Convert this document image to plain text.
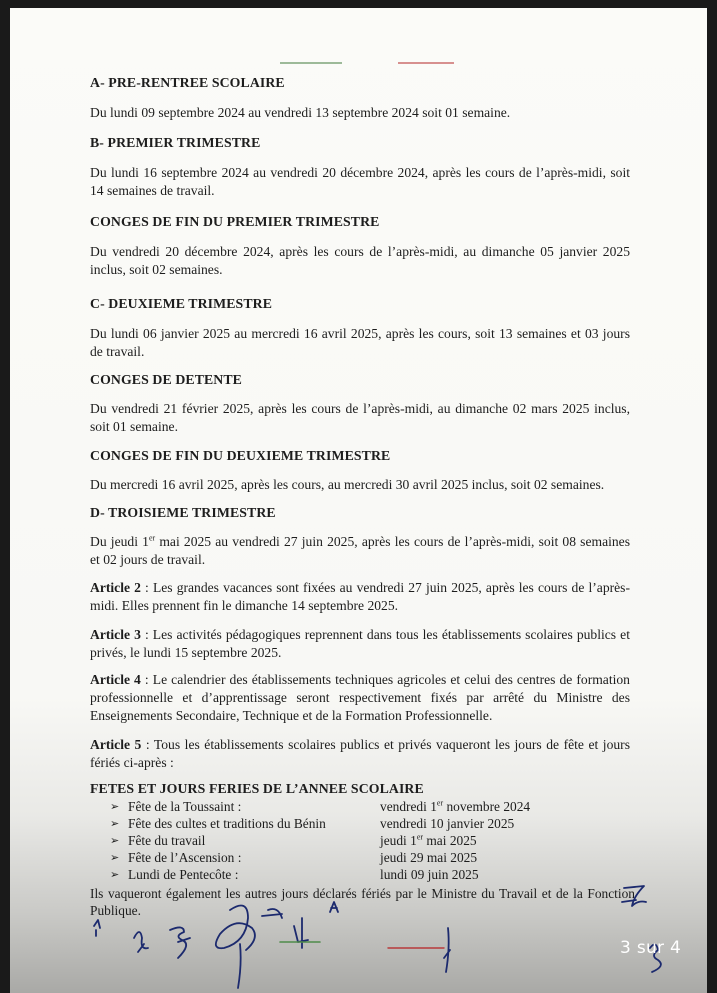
A- PRE-RENTREE SCOLAIRE

Du lundi 09 septembre 2024 au vendredi 13 septembre 2024 soit 01 semaine.

B- PREMIER TRIMESTRE

Du lundi 16 septembre 2024 au vendredi 20 décembre 2024, après les cours de l’après-midi, soit 14 semaines de travail.

CONGES DE FIN DU PREMIER TRIMESTRE

Du vendredi 20 décembre 2024, après les cours de l’après-midi, au dimanche 05 janvier 2025 inclus, soit 02 semaines.

C- DEUXIEME TRIMESTRE

Du lundi 06 janvier 2025 au mercredi 16 avril 2025, après les cours, soit 13 semaines et 03 jours de travail.

CONGES DE DETENTE

Du vendredi 21 février 2025, après les cours de l’après-midi, au dimanche 02 mars 2025 inclus, soit 01 semaine.

CONGES DE FIN DU DEUXIEME TRIMESTRE

Du mercredi 16 avril 2025, après les cours, au mercredi 30 avril 2025 inclus, soit 02 semaines.

D- TROISIEME TRIMESTRE

Du jeudi 1er mai 2025 au vendredi 27 juin 2025, après les cours de l’après-midi, soit 08 semaines et 02 jours de travail.

Article 2 : Les grandes vacances sont fixées au vendredi 27 juin 2025, après les cours de l’après-midi. Elles prennent fin le dimanche 14 septembre 2025.

Article 3 : Les activités pédagogiques reprennent dans tous les établissements scolaires publics et privés, le lundi 15 septembre 2025.

Article 4 : Le calendrier des établissements techniques agricoles et celui des centres de formation professionnelle et d’apprentissage seront respectivement fixés par arrêté du Ministre des Enseignements Secondaire, Technique et de la Formation Professionnelle.

Article 5 : Tous les établissements scolaires publics et privés vaqueront les jours de fête et jours fériés ci-après :

FETES ET JOURS FERIES DE L’ANNEE SCOLAIRE
➢ Fête de la Toussaint :	vendredi 1er novembre 2024
➢ Fête des cultes et traditions du Bénin	vendredi 10 janvier 2025
➢ Fête du travail	jeudi 1er mai 2025
➢ Fête de l’Ascension :	jeudi 29 mai 2025
➢ Lundi de Pentecôte :	lundi 09 juin 2025

Ils vaqueront également les autres jours déclarés fériés par le Ministre du Travail et de la Fonction Publique.

3 sur 4
